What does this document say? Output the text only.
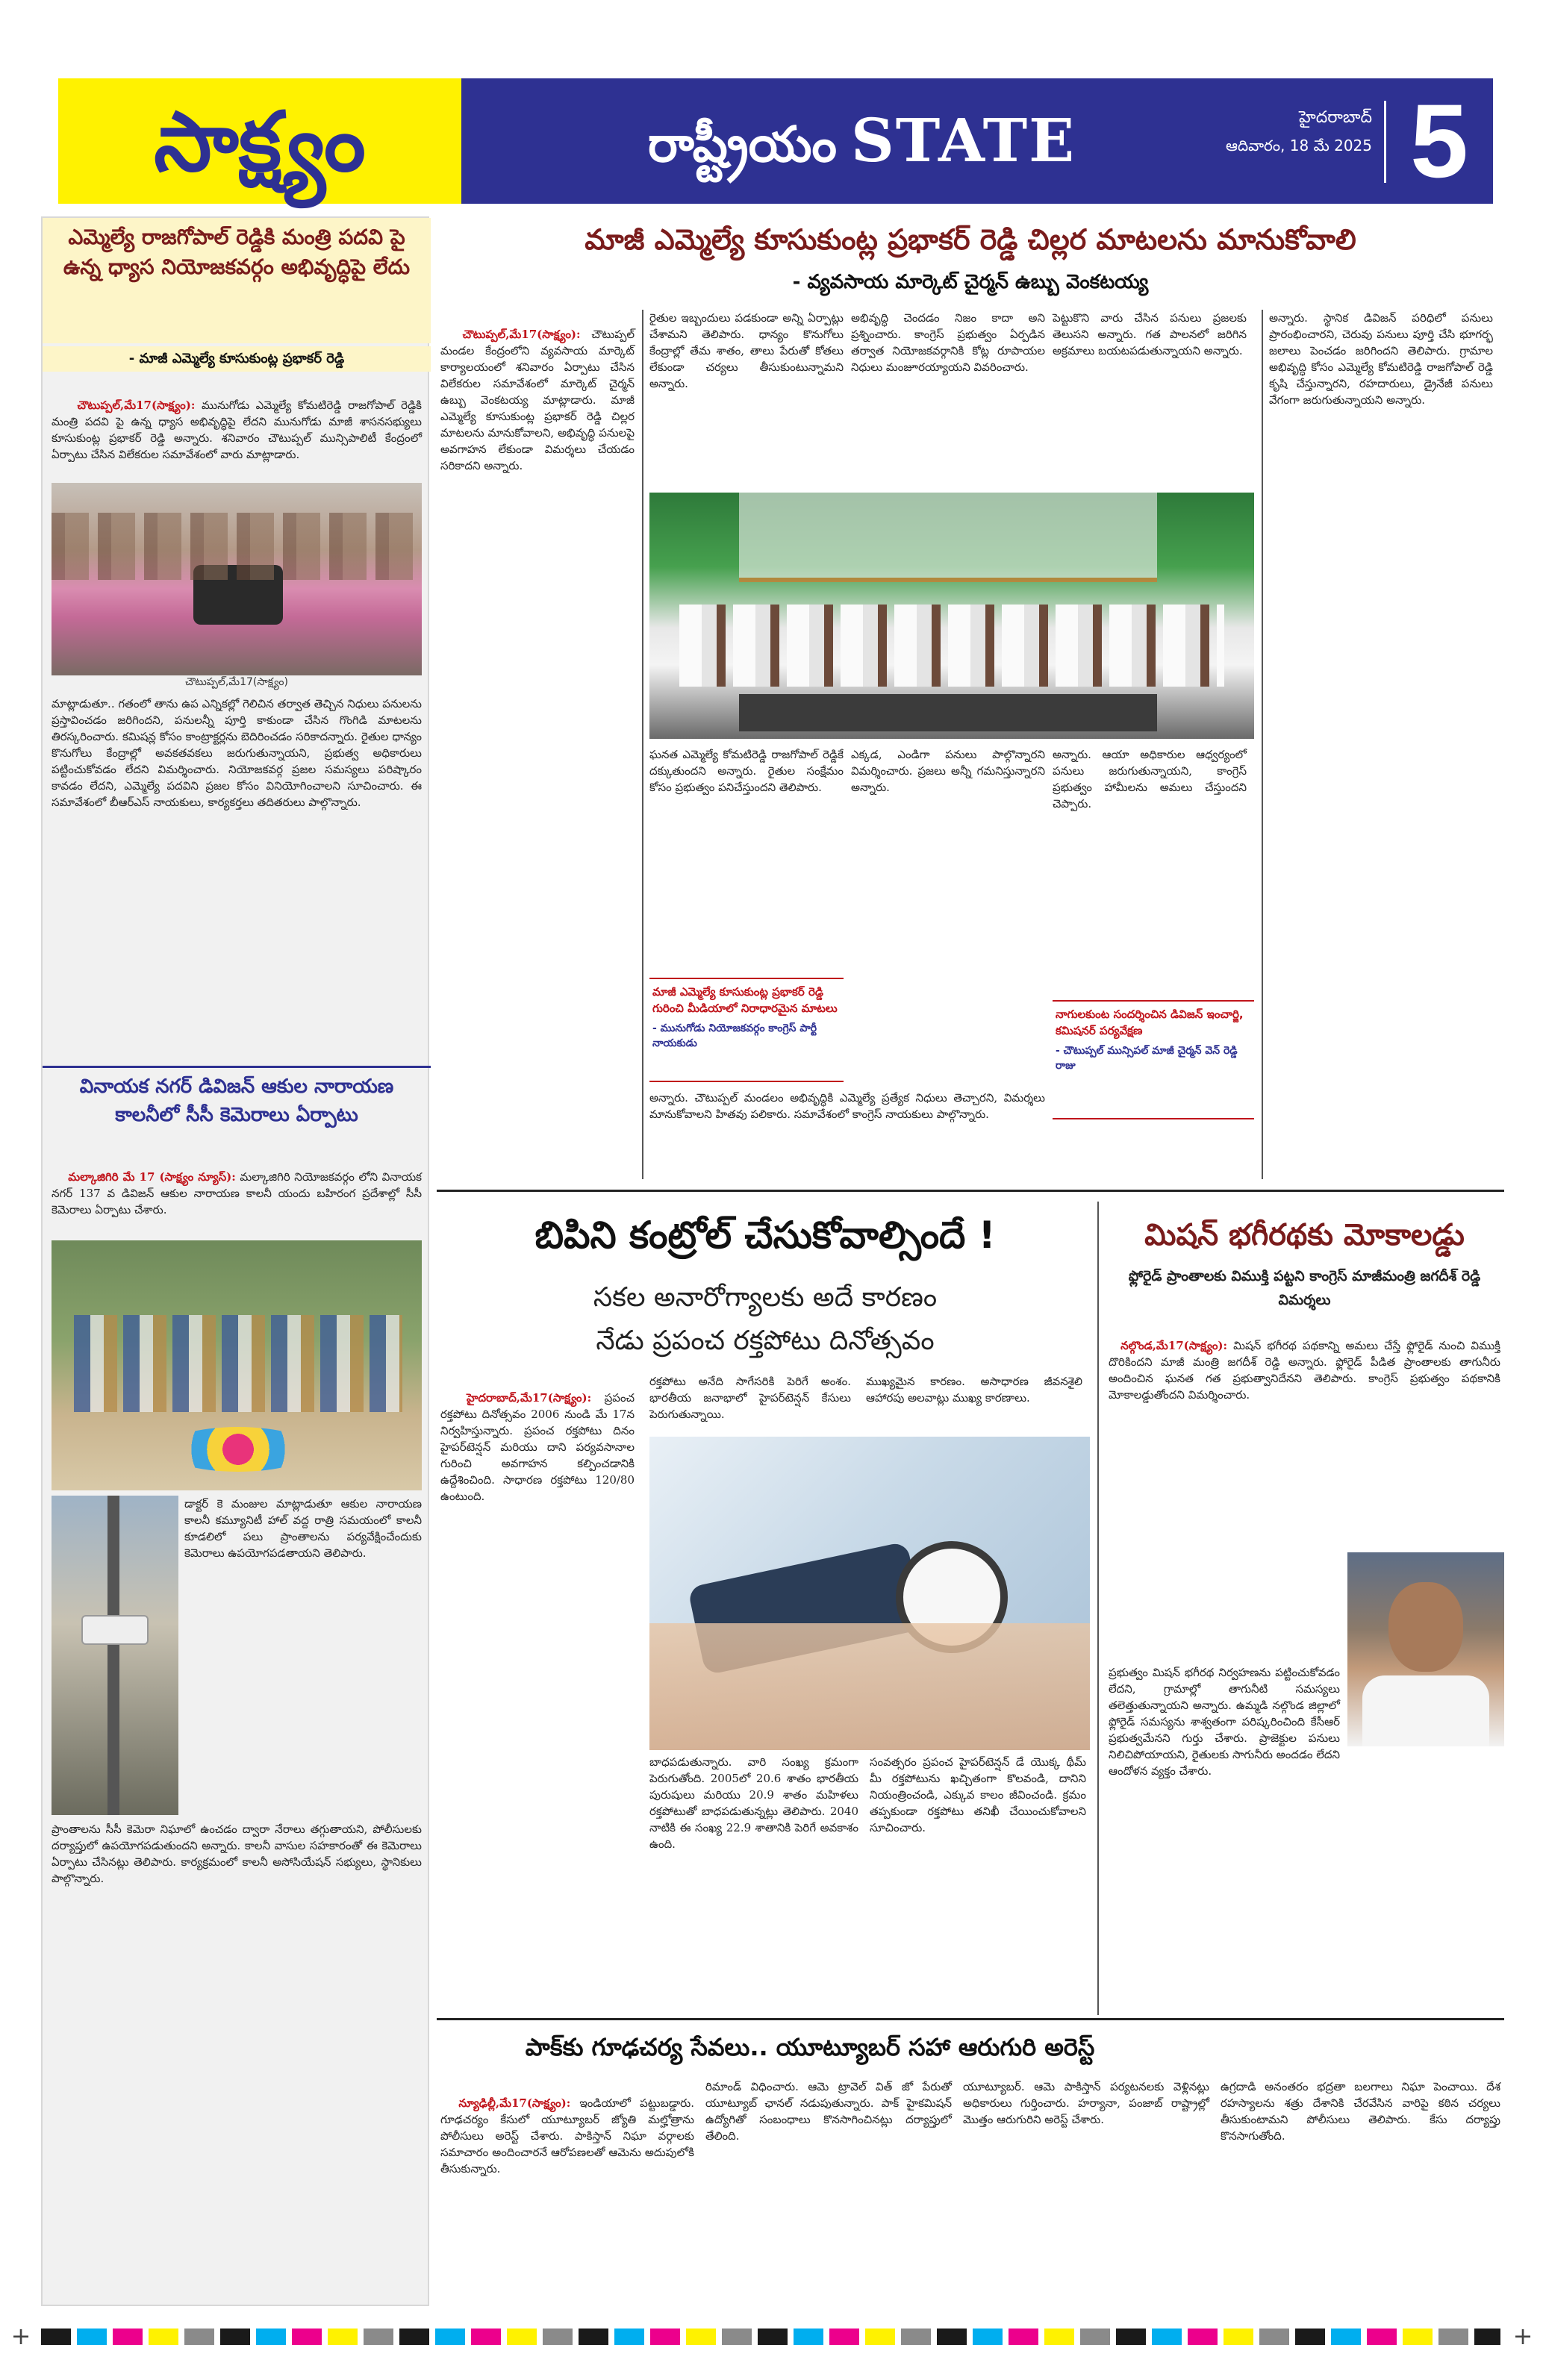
సాక్ష్యం	రాష్ట్రీయం STATE	హైదరాబాద్
ఆదివారం, 18 మే 2025 5
ఎమ్మెల్యే రాజగోపాల్ రెడ్డికి మంత్రి పదవి పై ఉన్న ధ్యాస నియోజకవర్గం అభివృద్ధిపై లేదు
- మాజీ ఎమ్మెల్యే కూసుకుంట్ల ప్రభాకర్ రెడ్డి

చౌటుప్పల్,మే17(సాక్ష్యం): మునుగోడు ఎమ్మెల్యే కోమటిరెడ్డి రాజగోపాల్ రెడ్డికి మంత్రి పదవి పై ఉన్న ధ్యాస అభివృద్ధిపై లేదని మునుగోడు మాజీ శాసనసభ్యులు కూసుకుంట్ల ప్రభాకర్ రెడ్డి అన్నారు. శనివారం చౌటుప్పల్ మున్సిపాలిటీ కేంద్రంలో ఏర్పాటు చేసిన విలేకరుల సమావేశంలో వారు మాట్లాడారు.

చౌటుప్పల్,మే17(సాక్ష్యం)
మాట్లాడుతూ.. గతంలో తాను ఉప ఎన్నికల్లో గెలిచిన తర్వాత తెచ్చిన నిధులు పనులను ప్రస్తావించడం జరిగిందని, పనులన్నీ పూర్తి కాకుండా చేసిన గొంగిడి మాటలను తిరస్కరించారు. కమిషన్ల కోసం కాంట్రాక్టర్లను బెదిరించడం సరికాదన్నారు. రైతుల ధాన్యం కొనుగోలు కేంద్రాల్లో అవకతవకలు జరుగుతున్నాయని, ప్రభుత్వ అధికారులు పట్టించుకోవడం లేదని విమర్శించారు. నియోజకవర్గ ప్రజల సమస్యలు పరిష్కారం కావడం లేదని, ఎమ్మెల్యే పదవిని ప్రజల కోసం వినియోగించాలని సూచించారు. ఈ సమావేశంలో బీఆర్ఎస్ నాయకులు, కార్యకర్తలు తదితరులు పాల్గొన్నారు.
వినాయక నగర్ డివిజన్ ఆకుల నారాయణ కాలనీలో సీసీ కెమెరాలు ఏర్పాటు

మల్కాజిగిరి మే 17 (సాక్ష్యం న్యూస్): మల్కాజిగిరి నియోజకవర్గం లోని వినాయక నగర్ 137 వ డివిజన్ ఆకుల నారాయణ కాలనీ యందు బహిరంగ ప్రదేశాల్లో సీసీ కెమెరాలు ఏర్పాటు చేశారు.

డాక్టర్ కె మంజుల మాట్లాడుతూ ఆకుల నారాయణ కాలనీ కమ్యూనిటీ హాల్ వద్ద రాత్రి సమయంలో కాలనీ కూడలిలో పలు ప్రాంతాలను పర్యవేక్షించేందుకు కెమెరాలు ఉపయోగపడతాయని తెలిపారు.
ప్రాంతాలను సీసీ కెమెరా నిఘాలో ఉంచడం ద్వారా నేరాలు తగ్గుతాయని, పోలీసులకు దర్యాప్తులో ఉపయోగపడుతుందని అన్నారు. కాలనీ వాసుల సహకారంతో ఈ కెమెరాలు ఏర్పాటు చేసినట్లు తెలిపారు. కార్యక్రమంలో కాలనీ అసోసియేషన్ సభ్యులు, స్థానికులు పాల్గొన్నారు.
మాజీ ఎమ్మెల్యే కూసుకుంట్ల ప్రభాకర్ రెడ్డి చిల్లర మాటలను మానుకోవాలి
- వ్యవసాయ మార్కెట్ చైర్మన్ ఉబ్బు వెంకటయ్య

చౌటుప్పల్,మే17(సాక్ష్యం): చౌటుప్పల్ మండల కేంద్రంలోని వ్యవసాయ మార్కెట్ కార్యాలయంలో శనివారం ఏర్పాటు చేసిన విలేకరుల సమావేశంలో మార్కెట్ చైర్మన్ ఉబ్బు వెంకటయ్య మాట్లాడారు. మాజీ ఎమ్మెల్యే కూసుకుంట్ల ప్రభాకర్ రెడ్డి చిల్లర మాటలను మానుకోవాలని, అభివృద్ధి పనులపై అవగాహన లేకుండా విమర్శలు చేయడం సరికాదని అన్నారు.

రైతుల ఇబ్బందులు పడకుండా అన్ని ఏర్పాట్లు చేశామని తెలిపారు. ధాన్యం కొనుగోలు కేంద్రాల్లో తేమ శాతం, తాలు పేరుతో కోతలు లేకుండా చర్యలు తీసుకుంటున్నామని అన్నారు.
అభివృద్ధి చెందడం నిజం కాదా అని ప్రశ్నించారు. కాంగ్రెస్ ప్రభుత్వం ఏర్పడిన తర్వాత నియోజకవర్గానికి కోట్ల రూపాయల నిధులు మంజూరయ్యాయని వివరించారు.
పెట్టుకొని వారు చేసిన పనులు ప్రజలకు తెలుసని అన్నారు. గత పాలనలో జరిగిన అక్రమాలు బయటపడుతున్నాయని అన్నారు.
అన్నారు. స్థానిక డివిజన్ పరిధిలో పనులు ప్రారంభించారని, చెరువు పనులు పూర్తి చేసి భూగర్భ జలాలు పెంచడం జరిగిందని తెలిపారు. గ్రామాల అభివృద్ధి కోసం ఎమ్మెల్యే కోమటిరెడ్డి రాజగోపాల్ రెడ్డి కృషి చేస్తున్నారని, రహదారులు, డ్రైనేజీ పనులు వేగంగా జరుగుతున్నాయని అన్నారు.
ఘనత ఎమ్మెల్యే కోమటిరెడ్డి రాజగోపాల్ రెడ్డికే దక్కుతుందని అన్నారు. రైతుల సంక్షేమం కోసం ప్రభుత్వం పనిచేస్తుందని తెలిపారు.
ఎక్కడ, ఎండిగా పనులు పాల్గొన్నారని విమర్శించారు. ప్రజలు అన్నీ గమనిస్తున్నారని అన్నారు.
అన్నారు. ఆయా అధికారుల ఆధ్వర్యంలో పనులు జరుగుతున్నాయని, కాంగ్రెస్ ప్రభుత్వం హామీలను అమలు చేస్తుందని చెప్పారు.
మాజీ ఎమ్మెల్యే కూసుకుంట్ల ప్రభాకర్ రెడ్డి గురించి మీడియాలో నిరాధారమైన మాటలు
- మునుగోడు నియోజకవర్గం కాంగ్రెస్ పార్టీ నాయకుడు
అన్నారు. చౌటుప్పల్ మండలం అభివృద్ధికి ఎమ్మెల్యే ప్రత్యేక నిధులు తెచ్చారని, విమర్శలు మానుకోవాలని హితవు పలికారు. సమావేశంలో కాంగ్రెస్ నాయకులు పాల్గొన్నారు.
నాగులకుంట సందర్శించిన డివిజన్ ఇంచార్జి, కమిషనర్ పర్యవేక్షణ
- చౌటుప్పల్ మున్సిపల్ మాజీ చైర్మన్ వెన్ రెడ్డి రాజు
బిపిని కంట్రోల్ చేసుకోవాల్సిందే !
సకల అనారోగ్యాలకు అదే కారణం
నేడు ప్రపంచ రక్తపోటు దినోత్సవం

హైదరాబాద్,మే17(సాక్ష్యం): ప్రపంచ రక్తపోటు దినోత్సవం 2006 నుండి మే 17న నిర్వహిస్తున్నారు. ప్రపంచ రక్తపోటు దినం హైపర్‌టెన్షన్ మరియు దాని పర్యవసానాల గురించి అవగాహన కల్పించడానికి ఉద్దేశించింది. సాధారణ రక్తపోటు 120/80 ఉంటుంది.

రక్తపోటు అనేది సాగేసరికి పెరిగే అంశం. భారతీయ జనాభాలో హైపర్‌టెన్షన్ కేసులు పెరుగుతున్నాయి.
ముఖ్యమైన కారణం. అసాధారణ జీవనశైలి ఆహారపు అలవాట్లు ముఖ్య కారణాలు.
బాధపడుతున్నారు. వారి సంఖ్య క్రమంగా పెరుగుతోంది. 2005లో 20.6 శాతం భారతీయ పురుషులు మరియు 20.9 శాతం మహిళలు రక్తపోటుతో బాధపడుతున్నట్లు తెలిపారు. 2040 నాటికి ఈ సంఖ్య 22.9 శాతానికి పెరిగే అవకాశం ఉంది.
సంవత్సరం ప్రపంచ హైపర్‌టెన్షన్ డే యొక్క థీమ్ మీ రక్తపోటును ఖచ్చితంగా కొలవండి, దానిని నియంత్రించండి, ఎక్కువ కాలం జీవించండి. క్రమం తప్పకుండా రక్తపోటు తనిఖీ చేయించుకోవాలని సూచించారు.
మిషన్ భగీరథకు మోకాలడ్డు
ఫ్లోరైడ్ ప్రాంతాలకు విముక్తి పట్టని కాంగ్రెస్ మాజీమంత్రి జగదీశ్ రెడ్డి విమర్శలు

నల్గొండ,మే17(సాక్ష్యం): మిషన్ భగీరథ పథకాన్ని అమలు చేస్తే ఫ్లోరైడ్ నుంచి విముక్తి దొరికిందని మాజీ మంత్రి జగదీశ్ రెడ్డి అన్నారు. ఫ్లోరైడ్ పీడిత ప్రాంతాలకు తాగునీరు అందించిన ఘనత గత ప్రభుత్వానిదేనని తెలిపారు. కాంగ్రెస్ ప్రభుత్వం పథకానికి మోకాలడ్డుతోందని విమర్శించారు.

ప్రభుత్వం మిషన్ భగీరథ నిర్వహణను పట్టించుకోవడం లేదని, గ్రామాల్లో తాగునీటి సమస్యలు తలెత్తుతున్నాయని అన్నారు. ఉమ్మడి నల్గొండ జిల్లాలో ఫ్లోరైడ్ సమస్యను శాశ్వతంగా పరిష్కరించింది కేసీఆర్ ప్రభుత్వమేనని గుర్తు చేశారు. ప్రాజెక్టుల పనులు నిలిచిపోయాయని, రైతులకు సాగునీరు అందడం లేదని ఆందోళన వ్యక్తం చేశారు.
పాక్‌కు గూఢచర్య సేవలు.. యూట్యూబర్ సహా ఆరుగురి అరెస్ట్

న్యూఢిల్లీ,మే17(సాక్ష్యం): ఇండియాలో పట్టుబడ్డారు. గూఢచర్యం కేసులో యూట్యూబర్ జ్యోతి మల్హోత్రాను పోలీసులు అరెస్ట్ చేశారు. పాకిస్తాన్ నిఘా వర్గాలకు సమాచారం అందించారనే ఆరోపణలతో ఆమెను అదుపులోకి తీసుకున్నారు.

రిమాండ్ విధించారు. ఆమె ట్రావెల్ విత్ జో పేరుతో యూట్యూబ్ ఛానల్ నడుపుతున్నారు. పాక్ హైకమిషన్ ఉద్యోగితో సంబంధాలు కొనసాగించినట్లు దర్యాప్తులో తేలింది.
యూట్యూబర్. ఆమె పాకిస్తాన్ పర్యటనలకు వెళ్లినట్లు అధికారులు గుర్తించారు. హర్యానా, పంజాబ్ రాష్ట్రాల్లో మొత్తం ఆరుగురిని అరెస్ట్ చేశారు.
ఉగ్రదాడి అనంతరం భద్రతా బలగాలు నిఘా పెంచాయి. దేశ రహస్యాలను శత్రు దేశానికి చేరవేసిన వారిపై కఠిన చర్యలు తీసుకుంటామని పోలీసులు తెలిపారు. కేసు దర్యాప్తు కొనసాగుతోంది.
+	+
